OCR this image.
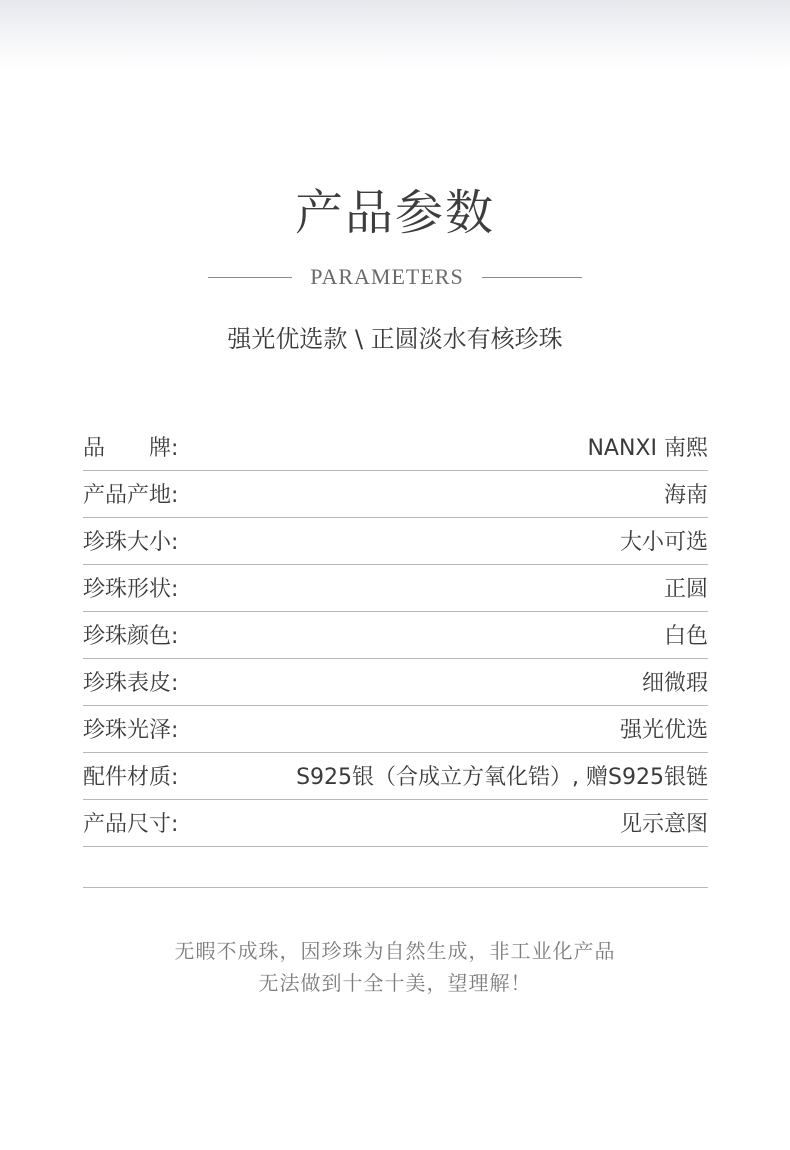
产品参数
PARAMETERS
强光优选款 \ 正圆淡水有核珍珠
品　　牌:	NANXI 南熙
产品产地:	海南
珍珠大小:	大小可选
珍珠形状:	正圆
珍珠颜色:	白色
珍珠表皮:	细微瑕
珍珠光泽:	强光优选
配件材质:	S925银（合成立方氧化锆）, 赠S925银链
产品尺寸:	见示意图
无暇不成珠，因珍珠为自然生成，非工业化产品
无法做到十全十美，望理解！
